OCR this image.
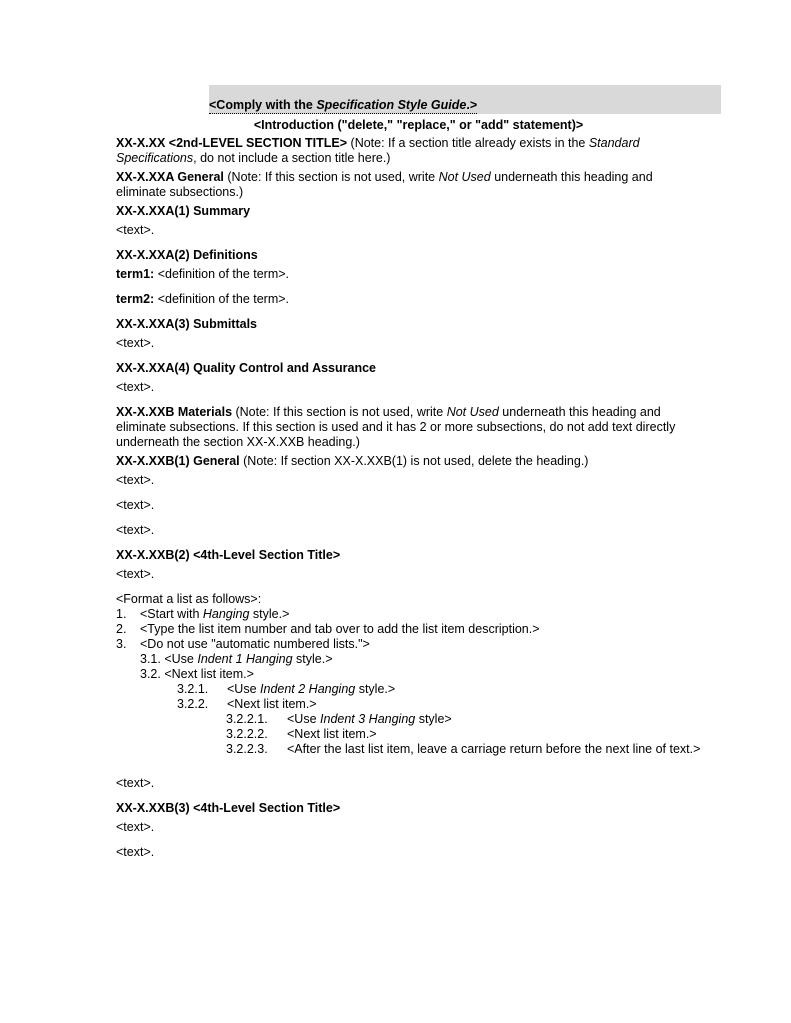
<Comply with the Specification Style Guide.>
<Introduction ("delete," "replace," or "add" statement)>

XX-X.XX <2nd-LEVEL SECTION TITLE> (Note: If a section title already exists in the Standard Specifications, do not include a section title here.)

XX-X.XXA General (Note: If this section is not used, write Not Used underneath this heading and eliminate subsections.)

XX-X.XXA(1) Summary

<text>.

XX-X.XXA(2) Definitions

term1: <definition of the term>.

term2: <definition of the term>.

XX-X.XXA(3) Submittals

<text>.

XX-X.XXA(4) Quality Control and Assurance

<text>.

XX-X.XXB Materials (Note: If this section is not used, write Not Used underneath this heading and eliminate subsections. If this section is used and it has 2 or more subsections, do not add text directly underneath the section XX-X.XXB heading.)

XX-X.XXB(1) General (Note: If section XX-X.XXB(1) is not used, delete the heading.)

<text>.

<text>.

<text>.

XX-X.XXB(2) <4th-Level Section Title>

<text>.

<Format a list as follows>:

1. <Start with Hanging style.>
2. <Type the list item number and tab over to add the list item description.>
3. <Do not use "automatic numbered lists.">
3.1. <Use Indent 1 Hanging style.>
3.2. <Next list item.>
3.2.1. <Use Indent 2 Hanging style.>
3.2.2. <Next list item.>
3.2.2.1. <Use Indent 3 Hanging style>
3.2.2.2. <Next list item.>
3.2.2.3. <After the last list item, leave a carriage return before the next line of text.>

<text>.

XX-X.XXB(3) <4th-Level Section Title>

<text>.

<text>.
